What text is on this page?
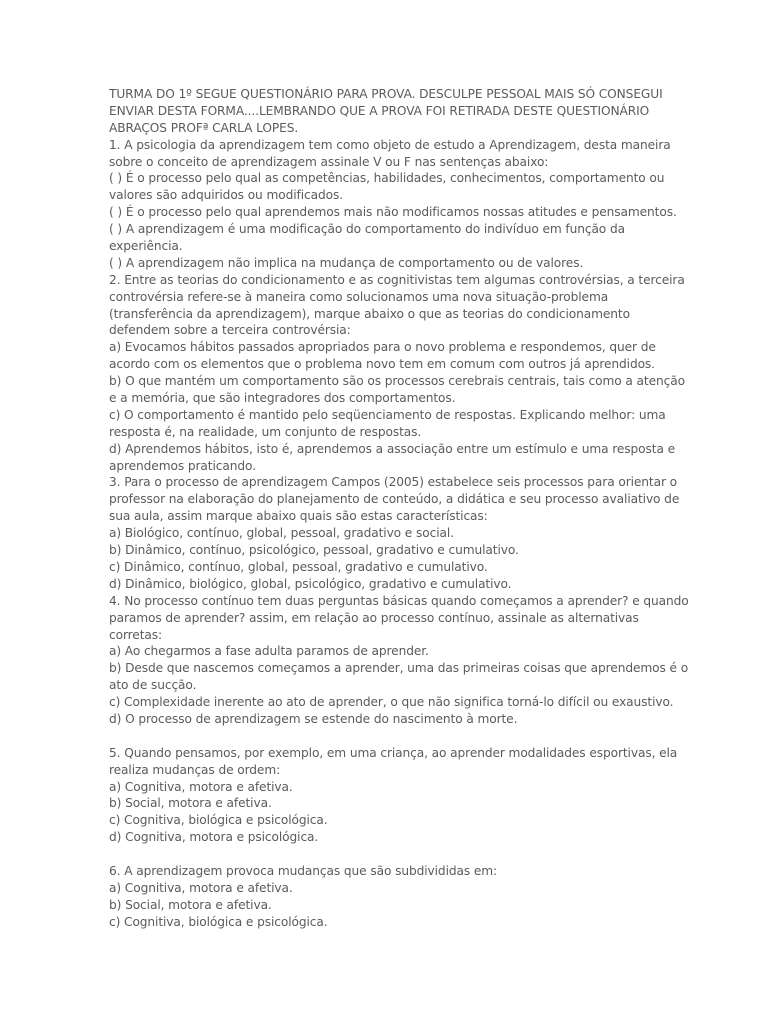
TURMA DO 1º SEGUE QUESTIONÁRIO PARA PROVA. DESCULPE PESSOAL MAIS SÓ CONSEGUI
ENVIAR DESTA FORMA....LEMBRANDO QUE A PROVA FOI RETIRADA DESTE QUESTIONÁRIO
ABRAÇOS PROFª CARLA LOPES.
1. A psicologia da aprendizagem tem como objeto de estudo a Aprendizagem, desta maneira
sobre o conceito de aprendizagem assinale V ou F nas sentenças abaixo:
( ) É o processo pelo qual as competências, habilidades, conhecimentos, comportamento ou
valores são adquiridos ou modificados.
( ) É o processo pelo qual aprendemos mais não modificamos nossas atitudes e pensamentos.
( ) A aprendizagem é uma modificação do comportamento do indivíduo em função da
experiência.
( ) A aprendizagem não implica na mudança de comportamento ou de valores.
2. Entre as teorias do condicionamento e as cognitivistas tem algumas controvérsias, a terceira
controvérsia refere-se à maneira como solucionamos uma nova situação-problema
(transferência da aprendizagem), marque abaixo o que as teorias do condicionamento
defendem sobre a terceira controvérsia:
a) Evocamos hábitos passados apropriados para o novo problema e respondemos, quer de
acordo com os elementos que o problema novo tem em comum com outros já aprendidos.
b) O que mantém um comportamento são os processos cerebrais centrais, tais como a atenção
e a memória, que são integradores dos comportamentos.
c) O comportamento é mantido pelo seqüenciamento de respostas. Explicando melhor: uma
resposta é, na realidade, um conjunto de respostas.
d) Aprendemos hábitos, isto é, aprendemos a associação entre um estímulo e uma resposta e
aprendemos praticando.
3. Para o processo de aprendizagem Campos (2005) estabelece seis processos para orientar o
professor na elaboração do planejamento de conteúdo, a didática e seu processo avaliativo de
sua aula, assim marque abaixo quais são estas características:
a) Biológico, contínuo, global, pessoal, gradativo e social.
b) Dinâmico, contínuo, psicológico, pessoal, gradativo e cumulativo.
c) Dinâmico, contínuo, global, pessoal, gradativo e cumulativo.
d) Dinâmico, biológico, global, psicológico, gradativo e cumulativo.
4. No processo contínuo tem duas perguntas básicas quando começamos a aprender? e quando
paramos de aprender? assim, em relação ao processo contínuo, assinale as alternativas
corretas:
a) Ao chegarmos a fase adulta paramos de aprender.
b) Desde que nascemos começamos a aprender, uma das primeiras coisas que aprendemos é o
ato de sucção.
c) Complexidade inerente ao ato de aprender, o que não significa torná-lo difícil ou exaustivo.
d) O processo de aprendizagem se estende do nascimento à morte.
5. Quando pensamos, por exemplo, em uma criança, ao aprender modalidades esportivas, ela
realiza mudanças de ordem:
a) Cognitiva, motora e afetiva.
b) Social, motora e afetiva.
c) Cognitiva, biológica e psicológica.
d) Cognitiva, motora e psicológica.
6. A aprendizagem provoca mudanças que são subdivididas em:
a) Cognitiva, motora e afetiva.
b) Social, motora e afetiva.
c) Cognitiva, biológica e psicológica.
